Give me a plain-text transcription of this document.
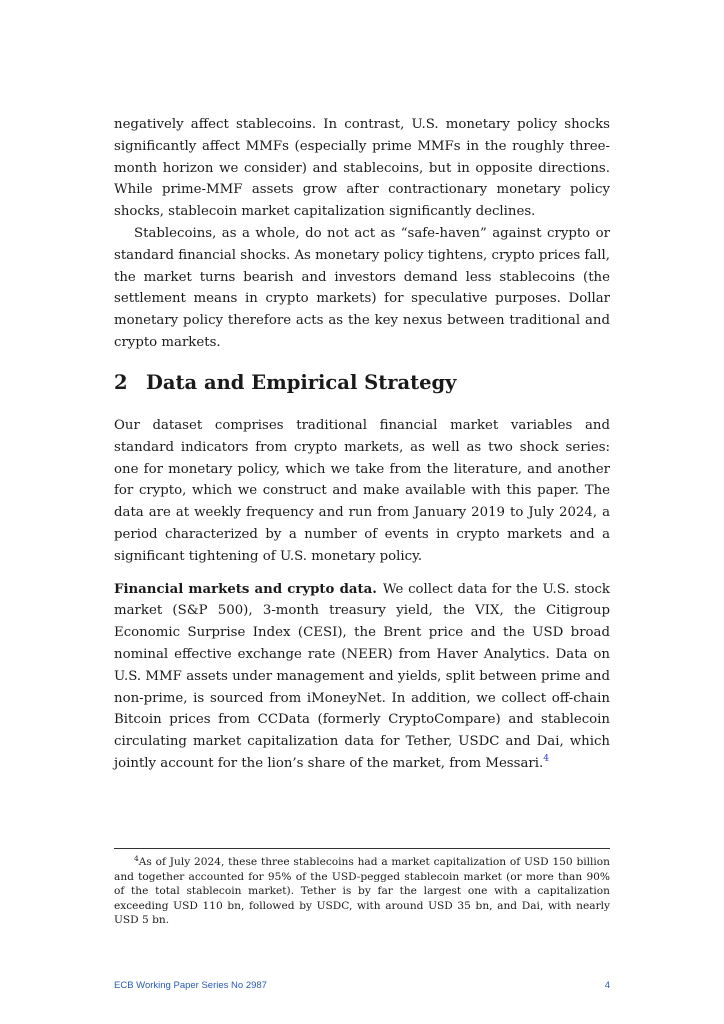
negatively affect stablecoins. In contrast, U.S. monetary policy shocks significantly affect MMFs (especially prime MMFs in the roughly three-month horizon we consider) and stablecoins, but in opposite directions. While prime-MMF assets grow after contractionary monetary policy shocks, stablecoin market capitalization significantly declines.

Stablecoins, as a whole, do not act as “safe-haven” against crypto or standard financial shocks. As monetary policy tightens, crypto prices fall, the market turns bearish and investors demand less stablecoins (the settlement means in crypto markets) for speculative purposes. Dollar monetary policy therefore acts as the key nexus between traditional and crypto markets.

2 Data and Empirical Strategy

Our dataset comprises traditional financial market variables and standard indicators from crypto markets, as well as two shock series: one for monetary policy, which we take from the literature, and another for crypto, which we construct and make available with this paper. The data are at weekly frequency and run from January 2019 to July 2024, a period characterized by a number of events in crypto markets and a significant tightening of U.S. monetary policy.

Financial markets and crypto data. We collect data for the U.S. stock market (S&P 500), 3-month treasury yield, the VIX, the Citigroup Economic Surprise Index (CESI), the Brent price and the USD broad nominal effective exchange rate (NEER) from Haver Analytics. Data on U.S. MMF assets under management and yields, split between prime and non-prime, is sourced from iMoneyNet. In addition, we collect off-chain Bitcoin prices from CCData (formerly CryptoCompare) and stablecoin circulating market capitalization data for Tether, USDC and Dai, which jointly account for the lion’s share of the market, from Messari.$^4$

$^4$As of July 2024, these three stablecoins had a market capitalization of USD 150 billion and together accounted for 95% of the USD-pegged stablecoin market (or more than 90% of the total stablecoin market). Tether is by far the largest one with a capitalization exceeding USD 110 bn, followed by USDC, with around USD 35 bn, and Dai, with nearly USD 5 bn.

ECB Working Paper Series No 2987	4
